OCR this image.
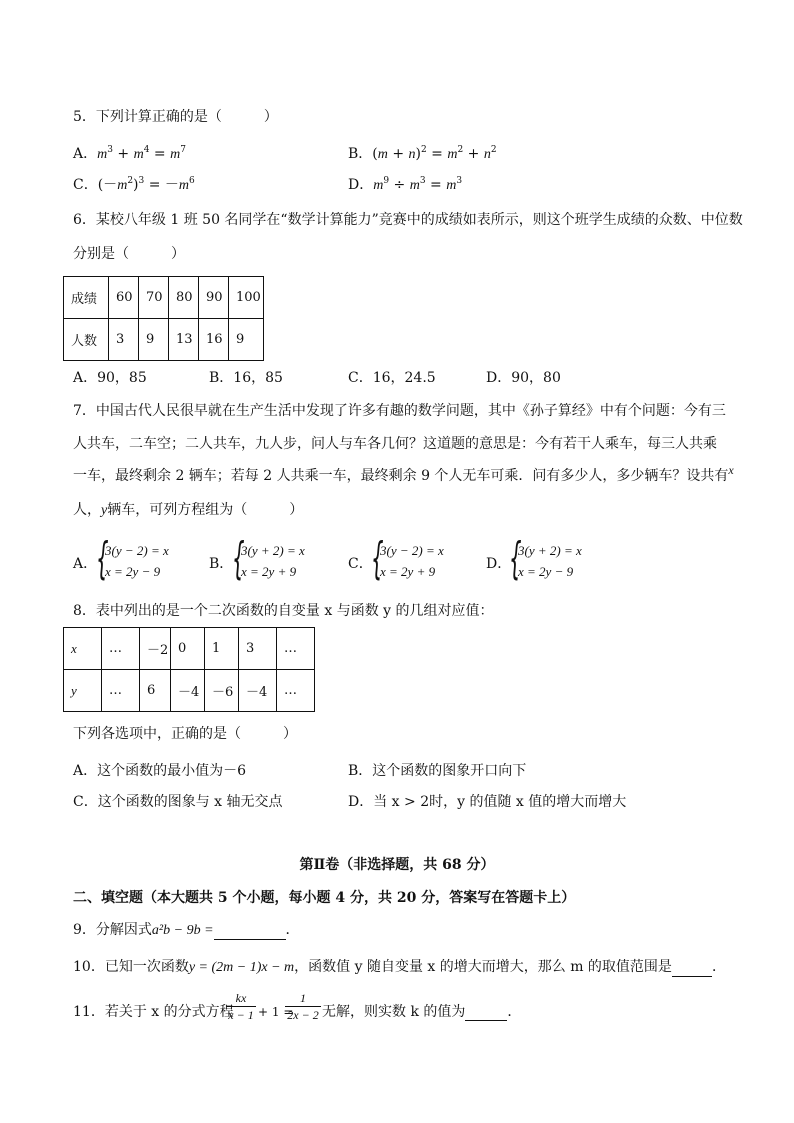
5．下列计算正确的是（　　　）
A．$m^3 + m^4 = m^7$	B．$(m + n)^2 = m^2 + n^2$
C．$(-m^2)^3 = -m^6$	D．$m^9 \div m^3 = m^3$
6．某校八年级 1 班 50 名同学在“数学计算能力”竞赛中的成绩如表所示，则这个班学生成绩的众数、中位数
分别是（　　　）
成绩	60	70	80	90	100
人数	3	9	13	16	9
A．90，85	B．16，85	C．16，24.5	D．90，80
7．中国古代人民很早就在生产生活中发现了许多有趣的数学问题，其中《孙子算经》中有个问题：今有三
人共车，二车空；二人共车，九人步，问人与车各几何？这道题的意思是：今有若干人乘车，每三人共乘
一车，最终剩余 2 辆车；若每 2 人共乘一车，最终剩余 9 个人无车可乘．问有多少人，多少辆车？设共有x
人，y辆车，可列方程组为（　　　）
A．
{
3(y − 2) = x
x = 2y − 9	B．
{
3(y + 2) = x
x = 2y + 9	C．
{
3(y − 2) = x
x = 2y + 9	D．
{
3(y + 2) = x
x = 2y − 9
8．表中列出的是一个二次函数的自变量 x 与函数 y 的几组对应值：
x	…	－2	0	1	3	…
y	…	6	－4	－6	－4	…
下列各选项中，正确的是（　　　）
A．这个函数的最小值为－6	B．这个函数的图象开口向下
C．这个函数的图象与 x 轴无交点	D．当 x > 2时，y 的值随 x 值的增大而增大
第Ⅱ卷（非选择题，共 68 分）
二、填空题（本大题共 5 个小题，每小题 4 分，共 20 分，答案写在答题卡上）
9．分解因式a²b − 9b =	．
10．已知一次函数y = (2m − 1)x − m，函数值 y 随自变量 x 的增大而增大，那么 m 的取值范围是	．
11．若关于 x 的分式方程
$\frac{kx}{x - 1} + 1$ =
$\frac{1}{2x - 2}$ 无解，则实数 k 的值为	．
